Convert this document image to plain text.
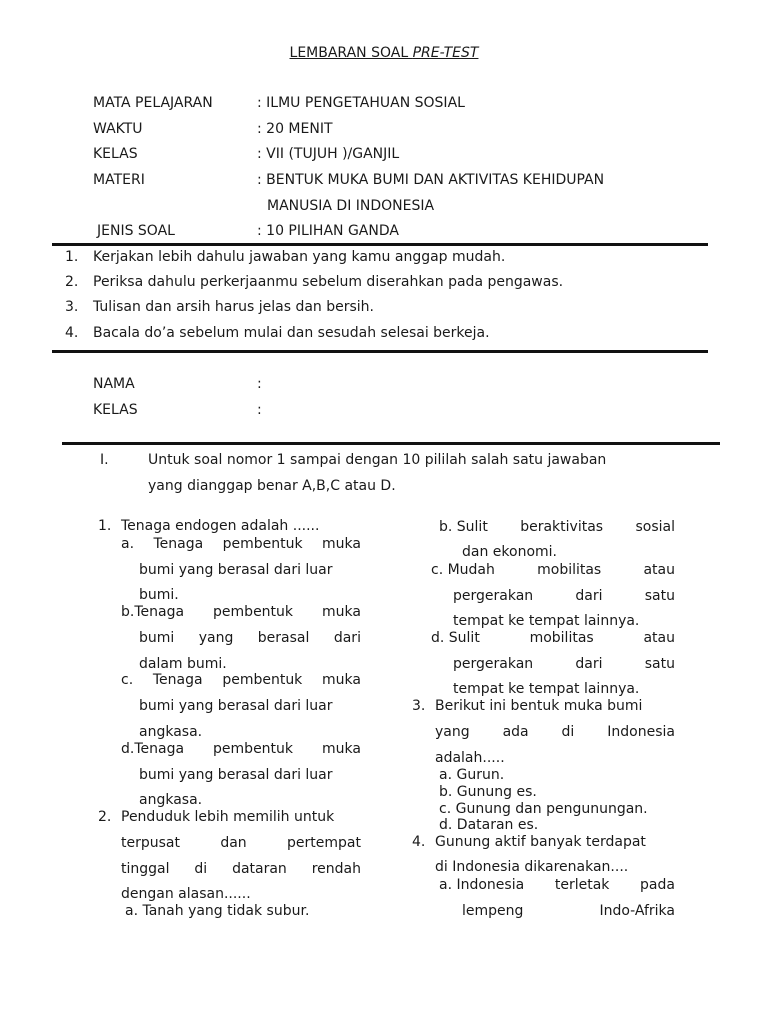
LEMBARAN SOAL PRE-TEST
MATA PELAJARAN	: ILMU PENGETAHUAN SOSIAL
WAKTU	: 20 MENIT
KELAS	: VII (TUJUH )/GANJIL
MATERI	: BENTUK MUKA BUMI DAN AKTIVITAS KEHIDUPAN
MANUSIA DI INDONESIA
JENIS SOAL	: 10 PILIHAN GANDA
1. Kerjakan lebih dahulu jawaban yang kamu anggap mudah.
2. Periksa dahulu perkerjaanmu sebelum diserahkan pada pengawas.
3. Tulisan dan arsih harus jelas dan bersih.
4. Bacala do’a sebelum mulai dan sesudah selesai berkeja.
NAMA	:
KELAS	:
I.	Untuk soal nomor 1 sampai dengan 10 pililah salah satu jawaban
yang dianggap benar A,B,C atau D.
1. Tenaga endogen adalah ......
a. Tenaga pembentuk muka
bumi yang berasal dari luar
bumi.
b.Tenaga pembentuk muka
bumi yang berasal dari
dalam bumi.
c. Tenaga pembentuk muka
bumi yang berasal dari luar
angkasa.
d.Tenaga pembentuk muka
bumi yang berasal dari luar
angkasa.
2. Penduduk lebih memilih untuk
terpusat	dan	pertempat
tinggal di dataran rendah
dengan alasan......
a. Tanah yang tidak subur.
b. Sulit beraktivitas sosial
dan ekonomi.
c. Mudah	mobilitas	atau
pergerakan	dari	satu
tempat ke tempat lainnya.
d. Sulit	mobilitas	atau
pergerakan	dari	satu
tempat ke tempat lainnya.
3. Berikut ini bentuk muka bumi
yang ada di Indonesia
adalah.....
a. Gurun.
b. Gunung es.
c. Gunung dan pengunungan.
d. Dataran es.
4. Gunung aktif banyak terdapat
di Indonesia dikarenakan....
a. Indonesia terletak pada
lempeng	Indo-Afrika
